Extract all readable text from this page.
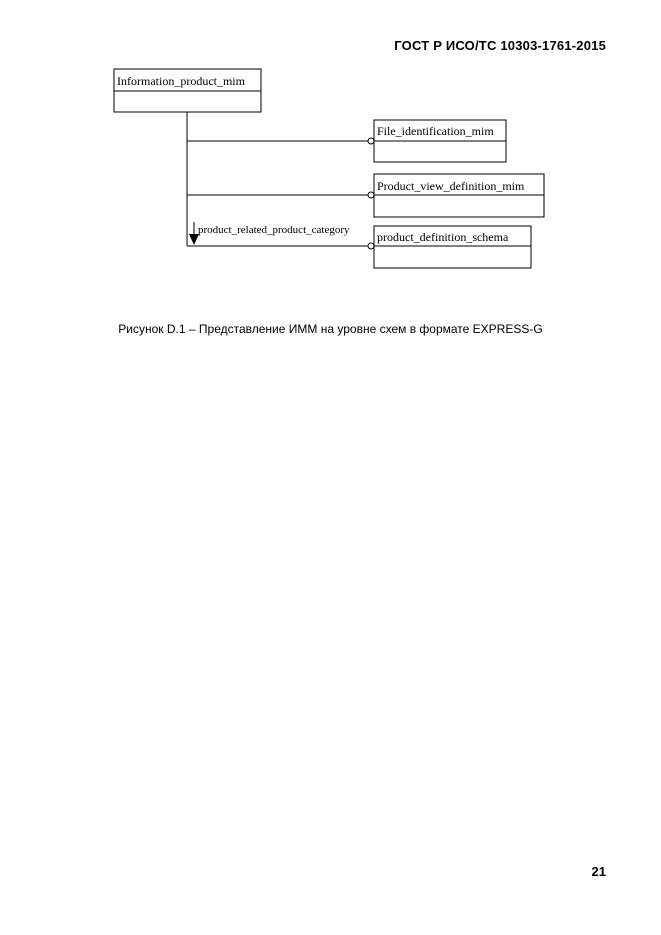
ГОСТ Р ИСО/ТС 10303-1761-2015
Information_product_mim
File_identification_mim
Product_view_definition_mim
product_definition_schema
product_related_product_category
Рисунок D.1 – Представление ИММ на уровне схем в формате EXPRESS-G
21
